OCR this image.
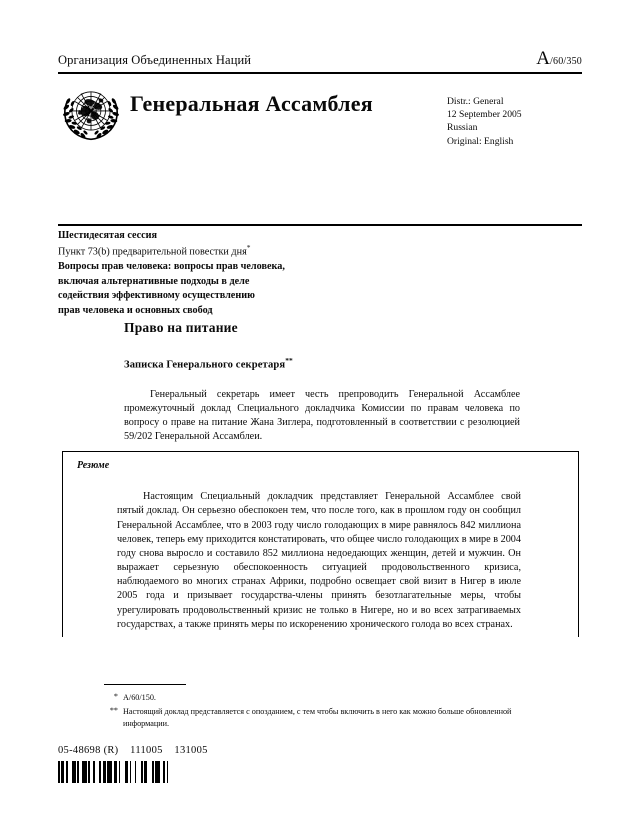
Организация Объединенных Наций	A/60/350
Генеральная Ассамблея	Distr.: General
12 September 2005
Russian
Original: English
Шестидесятая сессия
Пункт 73(b) предварительной повестки дня*
Вопросы прав человека: вопросы прав человека,
включая альтернативные подходы в деле
содействия эффективному осуществлению
прав человека и основных свобод
Право на питание
Записка Генерального секретаря**

Генеральный секретарь имеет честь препроводить Генеральной Ассамблее промежуточный доклад Специального докладчика Комиссии по правам человека по вопросу о праве на питание Жана Зиглера, подготовленный в соответствии с резолюцией 59/202 Генеральной Ассамблеи.

Резюме

Настоящим Специальный докладчик представляет Генеральной Ассамблее свой пятый доклад. Он серьезно обеспокоен тем, что после того, как в прошлом году он сообщил Генеральной Ассамблее, что в 2003 году число голодающих в мире равнялось 842 миллиона человек, теперь ему приходится констатировать, что общее число голодающих в мире в 2004 году снова выросло и составило 852 миллиона недоедающих женщин, детей и мужчин. Он выражает серьезную обеспокоенность ситуацией продовольственного кризиса, наблюдаемого во многих странах Африки, подробно освещает свой визит в Нигер в июле 2005 года и призывает государства-члены принять безотлагательные меры, чтобы урегулировать продовольственный кризис не только в Нигере, но и во всех затрагиваемых государствах, а также принять меры по искоренению хронического голода во всех странах.

* A/60/150.
** Настоящий доклад представляется с опозданием, с тем чтобы включить в него как можно больше обновленной информации.
05-48698 (R)    111005    131005
